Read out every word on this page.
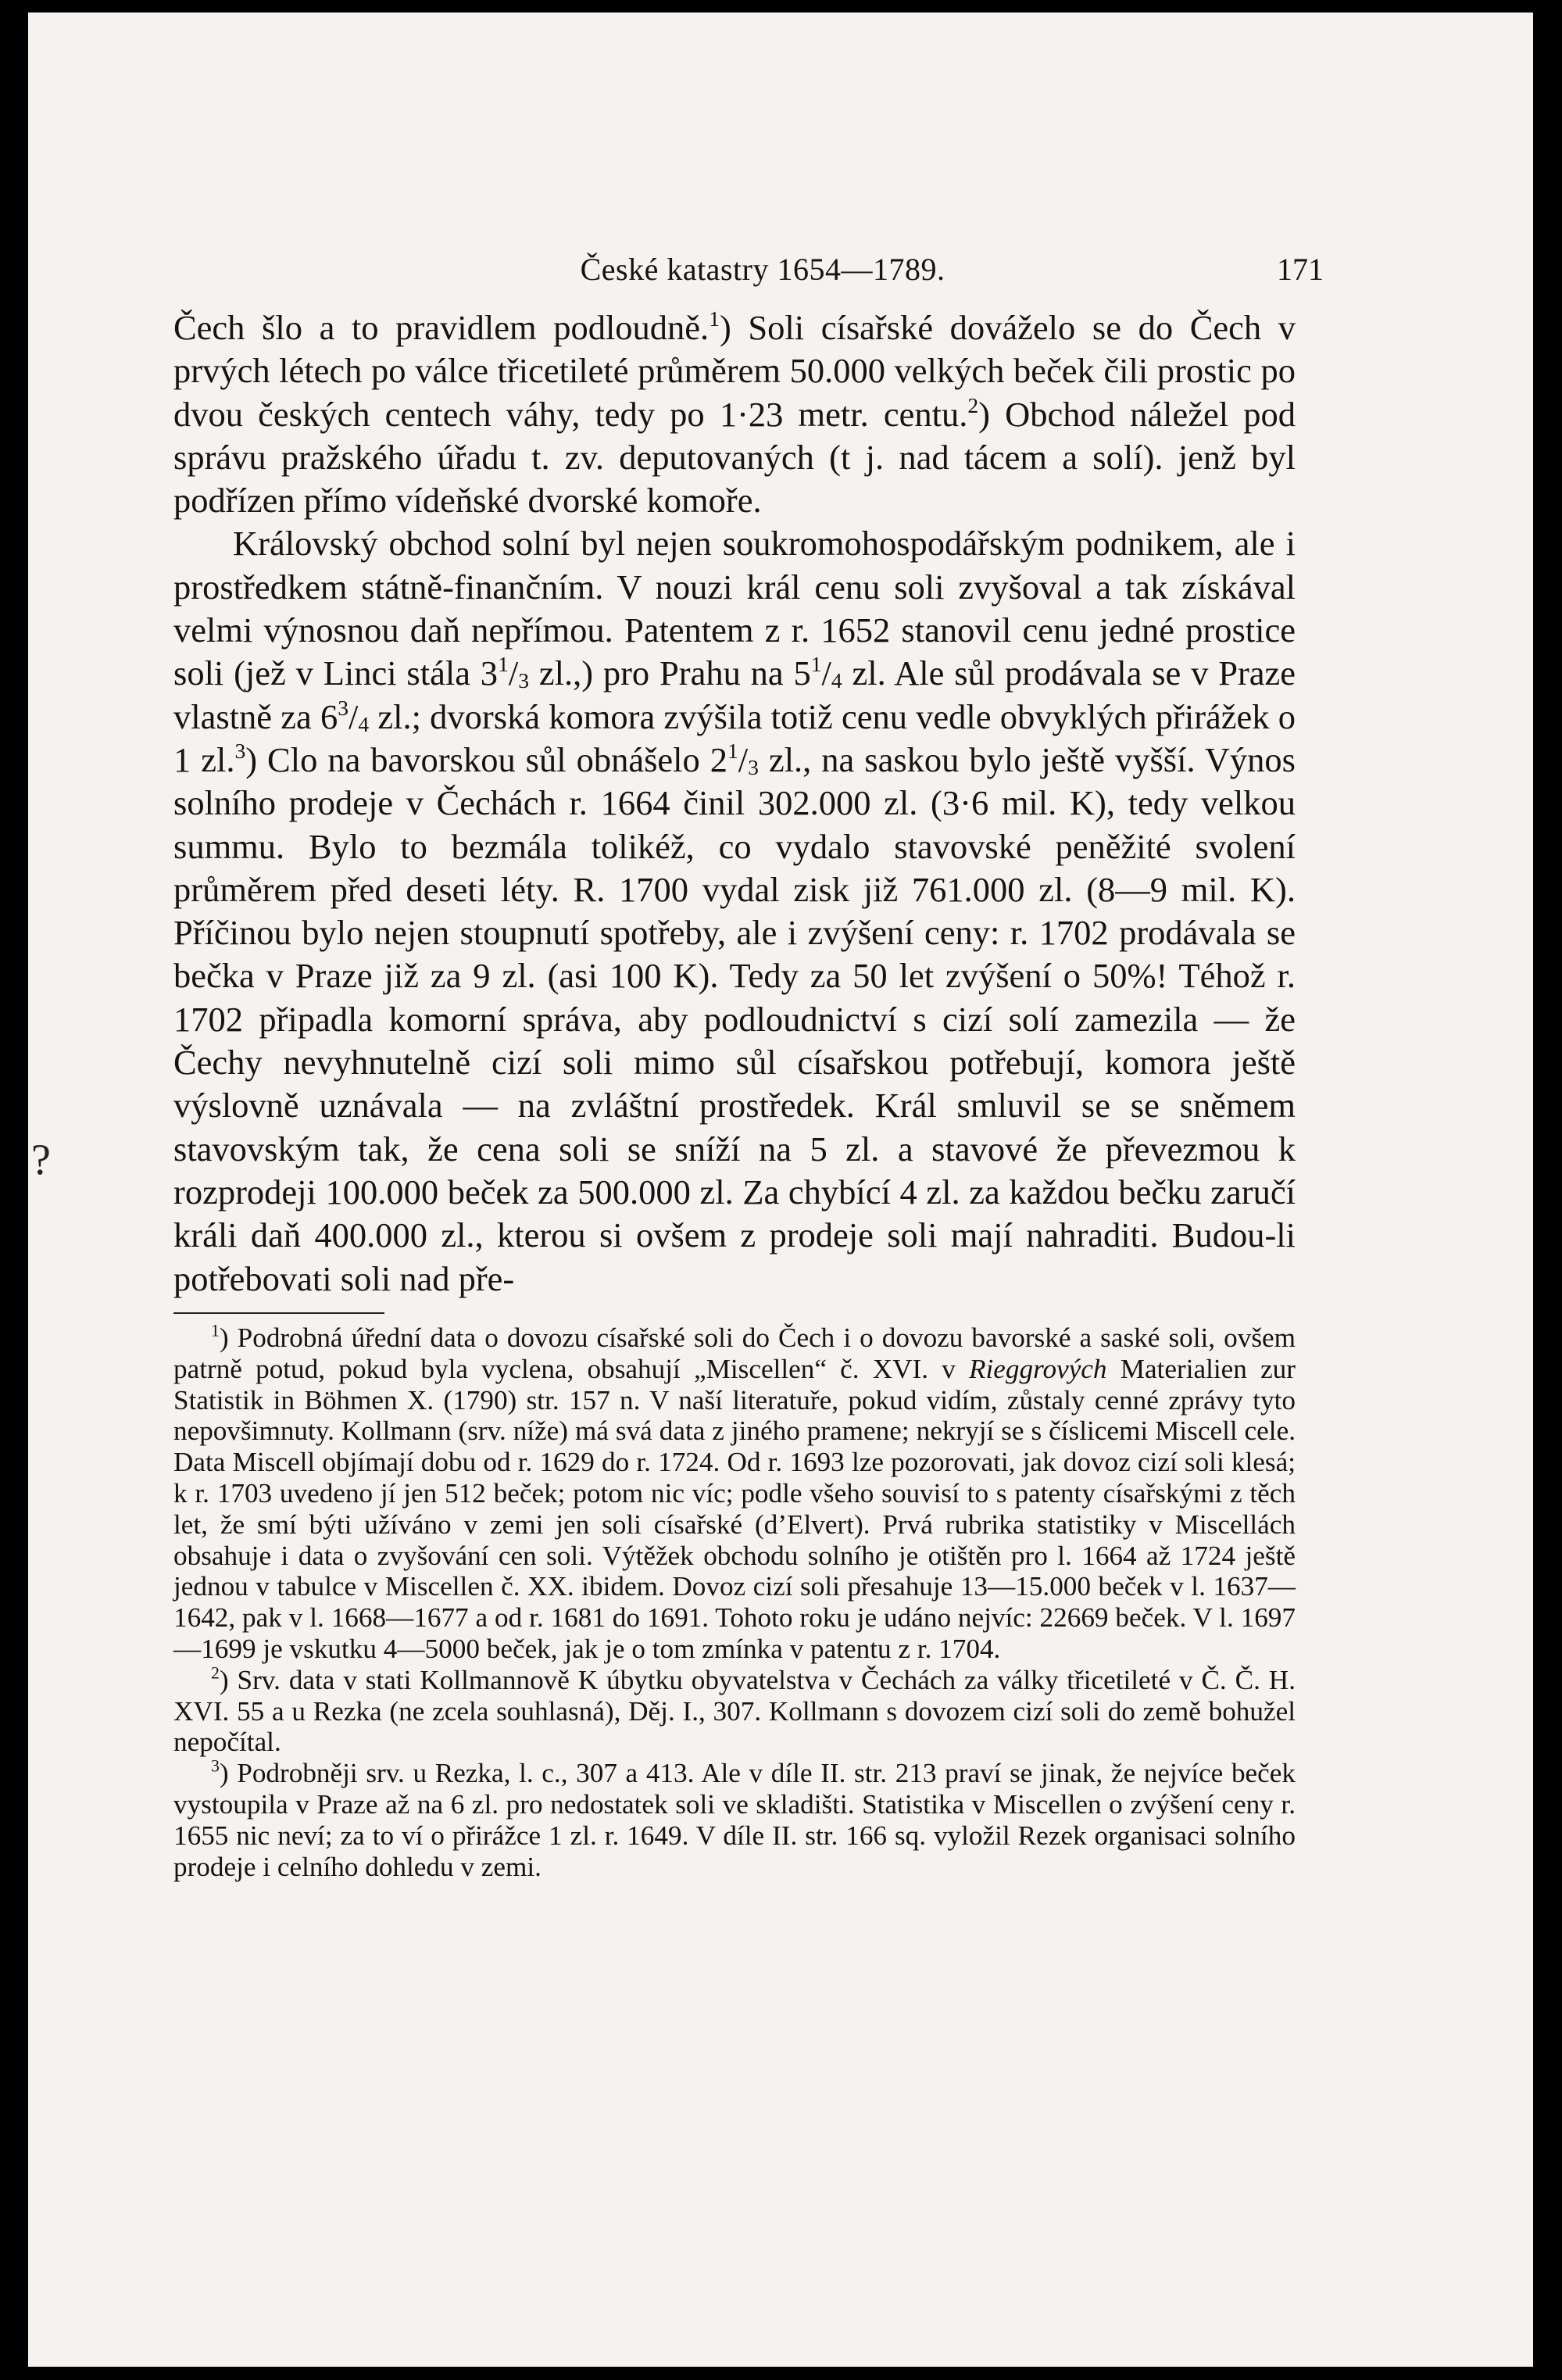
?
České katastry 1654—1789.	171

Čech šlo a to pravidlem podloudně.$^1$) Soli císařské dováželo se do Čech v prvých létech po válce třicetileté průměrem 50.000 velkých beček čili prostic po dvou českých centech váhy, tedy po 1·23 metr. centu.$^2$) Obchod náležel pod správu pražského úřadu t. zv. deputovaných (t j. nad tácem a solí). jenž byl podřízen přímo vídeňské dvorské komoře.

Královský obchod solní byl nejen soukromohospodářským podnikem, ale i prostředkem státně-finančním. V nouzi král cenu soli zvyšoval a tak získával velmi výnosnou daň nepřímou. Patentem z r. 1652 stanovil cenu jedné prostice soli (jež v Linci stála $3^1/3$ zl.,) pro Prahu na $5^1/4$ zl. Ale sůl prodávala se v Praze vlastně za $6^3/4$ zl.; dvorská komora zvýšila totiž cenu vedle obvyklých přirážek o 1 zl.$^3$) Clo na bavorskou sůl obnášelo $2^1/3$ zl., na saskou bylo ještě vyšší. Výnos solního prodeje v Čechách r. 1664 činil 302.000 zl. (3·6 mil. K), tedy velkou summu. Bylo to bezmála tolikéž, co vydalo stavovské peněžité svolení průměrem před deseti léty. R. 1700 vydal zisk již 761.000 zl. (8—9 mil. K). Příčinou bylo nejen stoupnutí spotřeby, ale i zvýšení ceny: r. 1702 prodávala se bečka v Praze již za 9 zl. (asi 100 K). Tedy za 50 let zvýšení o 50%! Téhož r. 1702 připadla komorní správa, aby podloudnictví s cizí solí zamezila — že Čechy nevyhnutelně cizí soli mimo sůl císařskou potřebují, komora ještě výslovně uznávala — na zvláštní prostředek. Král smluvil se se sněmem stavovským tak, že cena soli se sníží na 5 zl. a stavové že převezmou k rozprodeji 100.000 beček za 500.000 zl. Za chybící 4 zl. za každou bečku zaručí králi daň 400.000 zl., kterou si ovšem z prodeje soli mají nahraditi. Budou-li potřebovati soli nad pře-

$^1$) Podrobná úřední data o dovozu císařské soli do Čech i o dovozu bavorské a saské soli, ovšem patrně potud, pokud byla vyclena, obsahují „Miscellen“ č. XVI. v Rieggrových Materialien zur Statistik in Böhmen X. (1790) str. 157 n. V naší literatuře, pokud vidím, zůstaly cenné zprávy tyto nepovšimnuty. Kollmann (srv. níže) má svá data z jiného pramene; nekryjí se s číslicemi Miscell cele. Data Miscell objímají dobu od r. 1629 do r. 1724. Od r. 1693 lze pozorovati, jak dovoz cizí soli klesá; k r. 1703 uvedeno jí jen 512 beček; potom nic víc; podle všeho souvisí to s patenty císařskými z těch let, že smí býti užíváno v zemi jen soli císařské (d’Elvert). Prvá rubrika statistiky v Miscellách obsahuje i data o zvyšování cen soli. Výtěžek obchodu solního je otištěn pro l. 1664 až 1724 ještě jednou v tabulce v Miscellen č. XX. ibidem. Dovoz cizí soli přesahuje 13—15.000 beček v l. 1637—1642, pak v l. 1668—1677 a od r. 1681 do 1691. Tohoto roku je udáno nejvíc: 22669 beček. V l. 1697—1699 je vskutku 4—5000 beček, jak je o tom zmínka v patentu z r. 1704.

$^2$) Srv. data v stati Kollmannově K úbytku obyvatelstva v Čechách za války třicetileté v Č. Č. H. XVI. 55 a u Rezka (ne zcela souhlasná), Děj. I., 307. Kollmann s dovozem cizí soli do země bohužel nepočítal.

$^3$) Podrobněji srv. u Rezka, l. c., 307 a 413. Ale v díle II. str. 213 praví se jinak, že nejvíce beček vystoupila v Praze až na 6 zl. pro nedostatek soli ve skladišti. Statistika v Miscellen o zvýšení ceny r. 1655 nic neví; za to ví o přirážce 1 zl. r. 1649. V díle II. str. 166 sq. vyložil Rezek organisaci solního prodeje i celního dohledu v zemi.
